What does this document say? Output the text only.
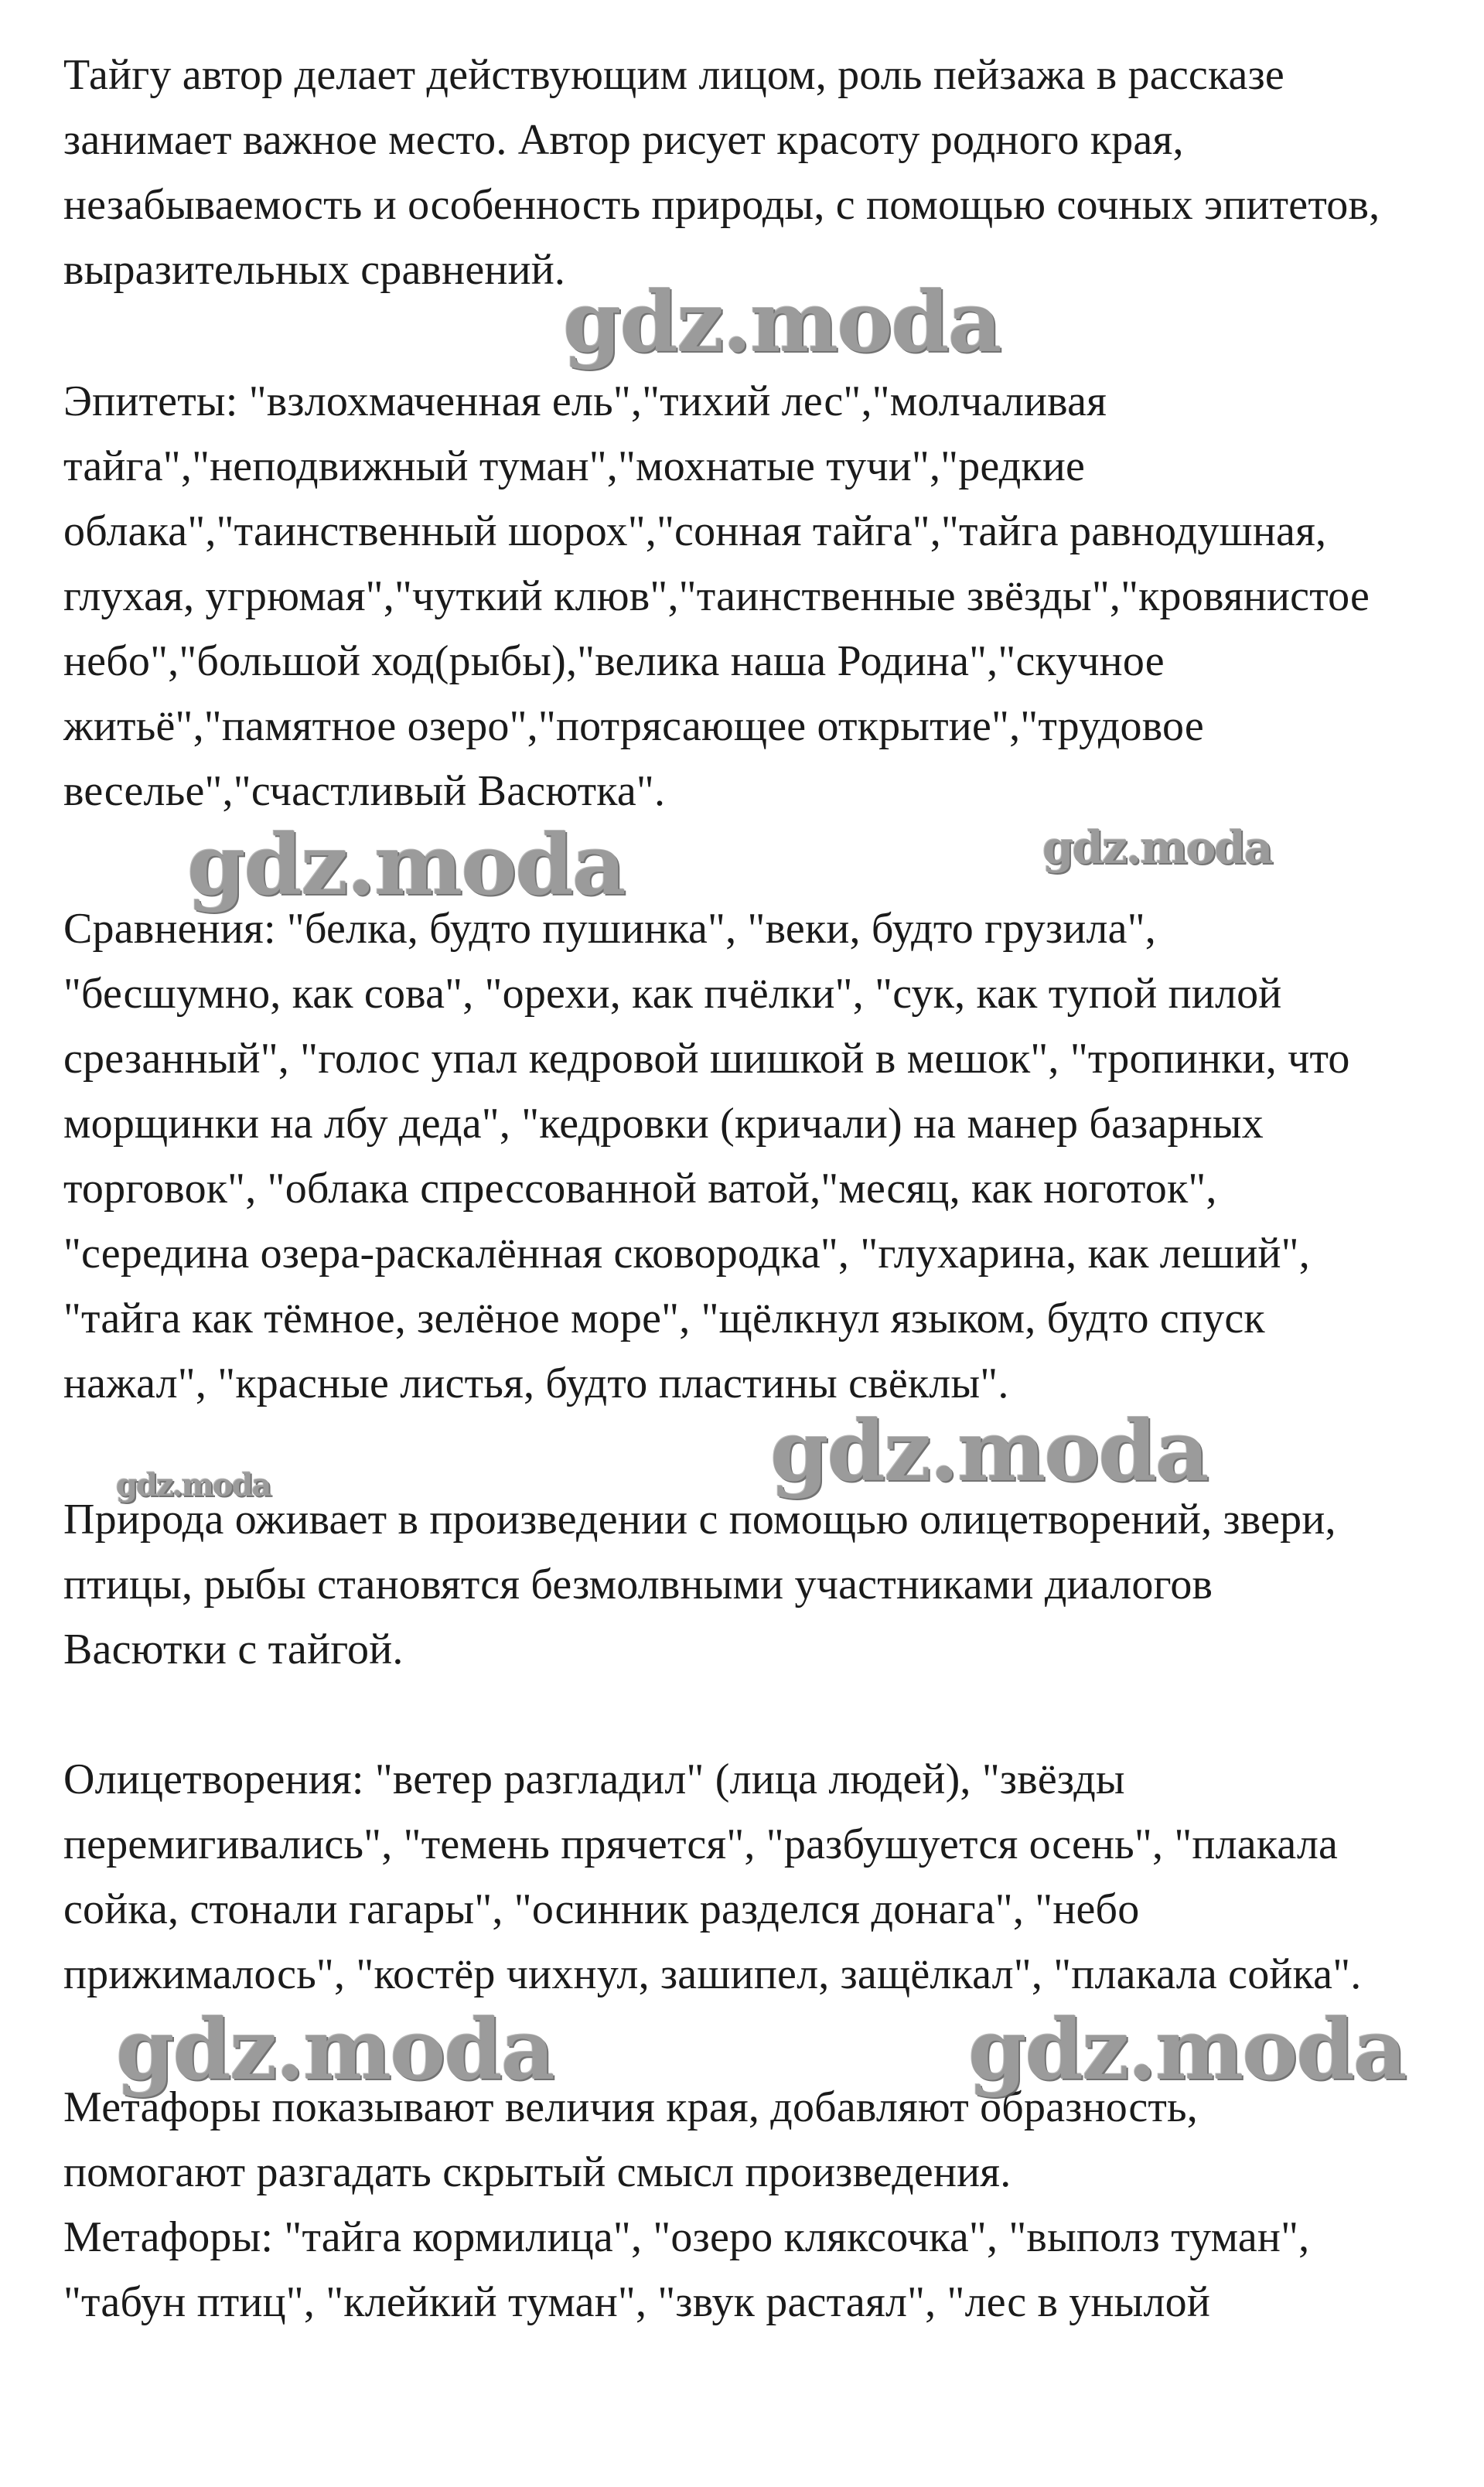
Тайгу автор делает действующим лицом, роль пейзажа в рассказе
занимает важное место. Автор рисует красоту родного края,
незабываемость и особенность природы, с помощью сочных эпитетов,
выразительных сравнений.
Эпитеты: "взлохмаченная ель","тихий лес","молчаливая
тайга","неподвижный туман","мохнатые тучи","редкие
облака","таинственный шорох","сонная тайга","тайга равнодушная,
глухая, угрюмая","чуткий клюв","таинственные звёзды","кровянистое
небо","большой ход(рыбы),"велика наша Родина","скучное
житьё","памятное озеро","потрясающее открытие","трудовое
веселье","счастливый Васютка".
Сравнения: "белка, будто пушинка", "веки, будто грузила",
"бесшумно, как сова", "орехи, как пчёлки", "сук, как тупой пилой
срезанный", "голос упал кедровой шишкой в мешок", "тропинки, что
морщинки на лбу деда", "кедровки (кричали) на манер базарных
торговок", "облака спрессованной ватой,"месяц, как ноготок",
"середина озера-раскалённая сковородка", "глухарина, как леший",
"тайга как тёмное, зелёное море", "щёлкнул языком, будто спуск
нажал", "красные листья, будто пластины свёклы".
Природа оживает в произведении с помощью олицетворений, звери,
птицы, рыбы становятся безмолвными участниками диалогов
Васютки с тайгой.
Олицетворения: "ветер разгладил" (лица людей), "звёзды
перемигивались", "темень прячется", "разбушуется осень", "плакала
сойка, стонали гагары", "осинник разделся донага", "небо
прижималось", "костёр чихнул, зашипел, защёлкал", "плакала сойка".
Метафоры показывают величия края, добавляют образность,
помогают разгадать скрытый смысл произведения.
Метафоры: "тайга кормилица", "озеро кляксочка", "выполз туман",
"табун птиц", "клейкий туман", "звук растаял", "лес в унылой
gdz.moda
gdz.moda	gdz.moda
gdz.moda
gdz.moda
gdz.moda	gdz.moda
